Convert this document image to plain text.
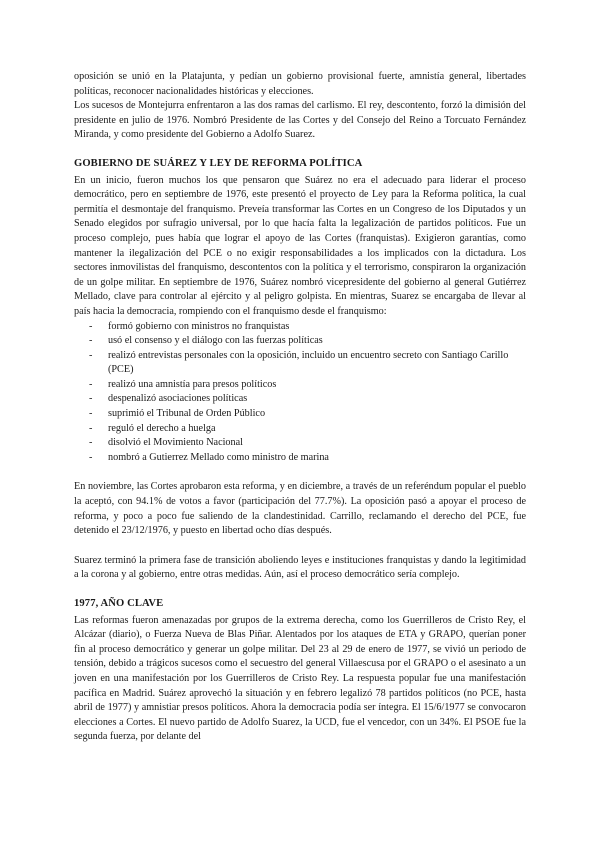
oposición se unió en la Platajunta, y pedían un gobierno provisional fuerte, amnistía general, libertades políticas, reconocer nacionalidades históricas y elecciones.

Los sucesos de Montejurra enfrentaron a las dos ramas del carlismo. El rey, descontento, forzó la dimisión del presidente en julio de 1976. Nombró Presidente de las Cortes y del Consejo del Reino a Torcuato Fernández Miranda, y como presidente del Gobierno a Adolfo Suarez.

GOBIERNO DE SUÁREZ Y LEY DE REFORMA POLÍTICA

En un inicio, fueron muchos los que pensaron que Suárez no era el adecuado para liderar el proceso democrático, pero en septiembre de 1976, este presentó el proyecto de Ley para la Reforma política, la cual permitía el desmontaje del franquismo. Preveía transformar las Cortes en un Congreso de los Diputados y un Senado elegidos por sufragio universal, por lo que hacía falta la legalización de partidos políticos. Fue un proceso complejo, pues había que lograr el apoyo de las Cortes (franquistas). Exigieron garantías, como mantener la ilegalización del PCE o no exigir responsabilidades a los implicados con la dictadura. Los sectores inmovilistas del franquismo, descontentos con la política y el terrorismo, conspiraron la organización de un golpe militar. En septiembre de 1976, Suárez nombró vicepresidente del gobierno al general Gutiérrez Mellado, clave para controlar al ejército y al peligro golpista. En mientras, Suarez se encargaba de llevar al país hacia la democracia, rompiendo con el franquismo desde el franquismo:

- formó gobierno con ministros no franquistas
- usó el consenso y el diálogo con las fuerzas políticas
- realizó entrevistas personales con la oposición, incluido un encuentro secreto con Santiago Carillo (PCE)
- realizó una amnistía para presos políticos
- despenalizó asociaciones políticas
- suprimió el Tribunal de Orden Público
- reguló el derecho a huelga
- disolvió el Movimiento Nacional
- nombró a Gutierrez Mellado como ministro de marina

En noviembre, las Cortes aprobaron esta reforma, y en diciembre, a través de un referéndum popular el pueblo la aceptó, con 94.1% de votos a favor (participación del 77.7%). La oposición pasó a apoyar el proceso de reforma, y poco a poco fue saliendo de la clandestinidad. Carrillo, reclamando el derecho del PCE, fue detenido el 23/12/1976, y puesto en libertad ocho días después.

Suarez terminó la primera fase de transición aboliendo leyes e instituciones franquistas y dando la legitimidad a la corona y al gobierno, entre otras medidas. Aún, así el proceso democrático sería complejo.

1977, AÑO CLAVE

Las reformas fueron amenazadas por grupos de la extrema derecha, como los Guerrilleros de Cristo Rey, el Alcázar (diario), o Fuerza Nueva de Blas Piñar. Alentados por los ataques de ETA y GRAPO, querían poner fin al proceso democrático y generar un golpe militar. Del 23 al 29 de enero de 1977, se vivió un periodo de tensión, debido a trágicos sucesos como el secuestro del general Villaescusa por el GRAPO o el asesinato a un joven en una manifestación por los Guerrilleros de Cristo Rey. La respuesta popular fue una manifestación pacífica en Madrid. Suárez aprovechó la situación y en febrero legalizó 78 partidos políticos (no PCE, hasta abril de 1977) y amnistiar presos políticos. Ahora la democracia podía ser íntegra. El 15/6/1977 se convocaron elecciones a Cortes. El nuevo partido de Adolfo Suarez, la UCD, fue el vencedor, con un 34%. El PSOE fue la segunda fuerza, por delante del
